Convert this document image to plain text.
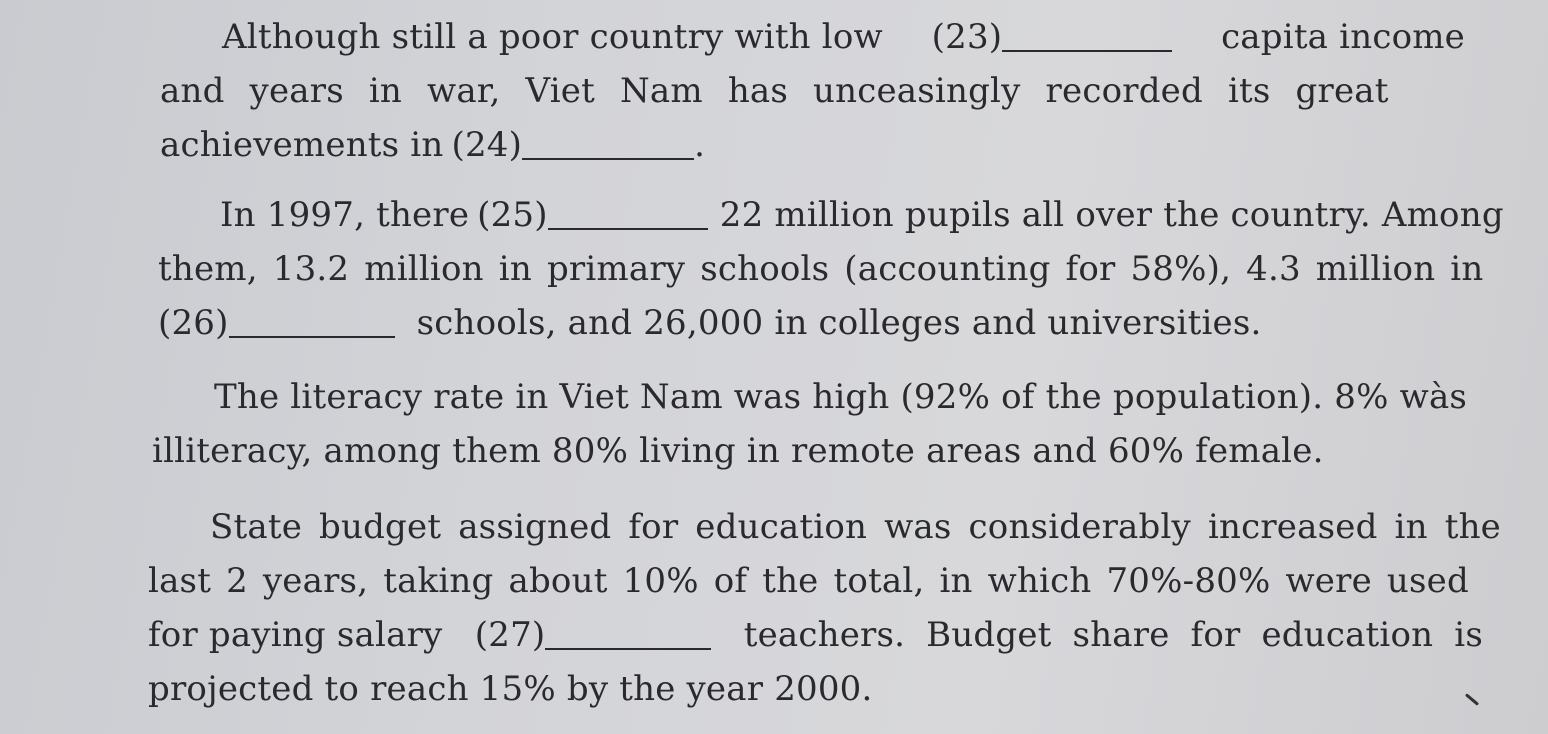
Although still a poor country with low (23)	capita income
and years in war, Viet Nam has unceasingly recorded its great
achievements in (24)	.
In 1997, there (25)	22 million pupils all over the country. Among
them, 13.2 million in primary schools (accounting for 58%), 4.3 million in
(26)	schools, and 26,000 in colleges and universities.
The literacy rate in Viet Nam was high (92% of the population). 8% wàs
illiteracy, among them 80% living in remote areas and 60% female.
State budget assigned for education was considerably increased in the
last 2 years, taking about 10% of the total, in which 70%-80% were used
for paying salary (27)	teachers. Budget share for education is
projected to reach 15% by the year 2000.
